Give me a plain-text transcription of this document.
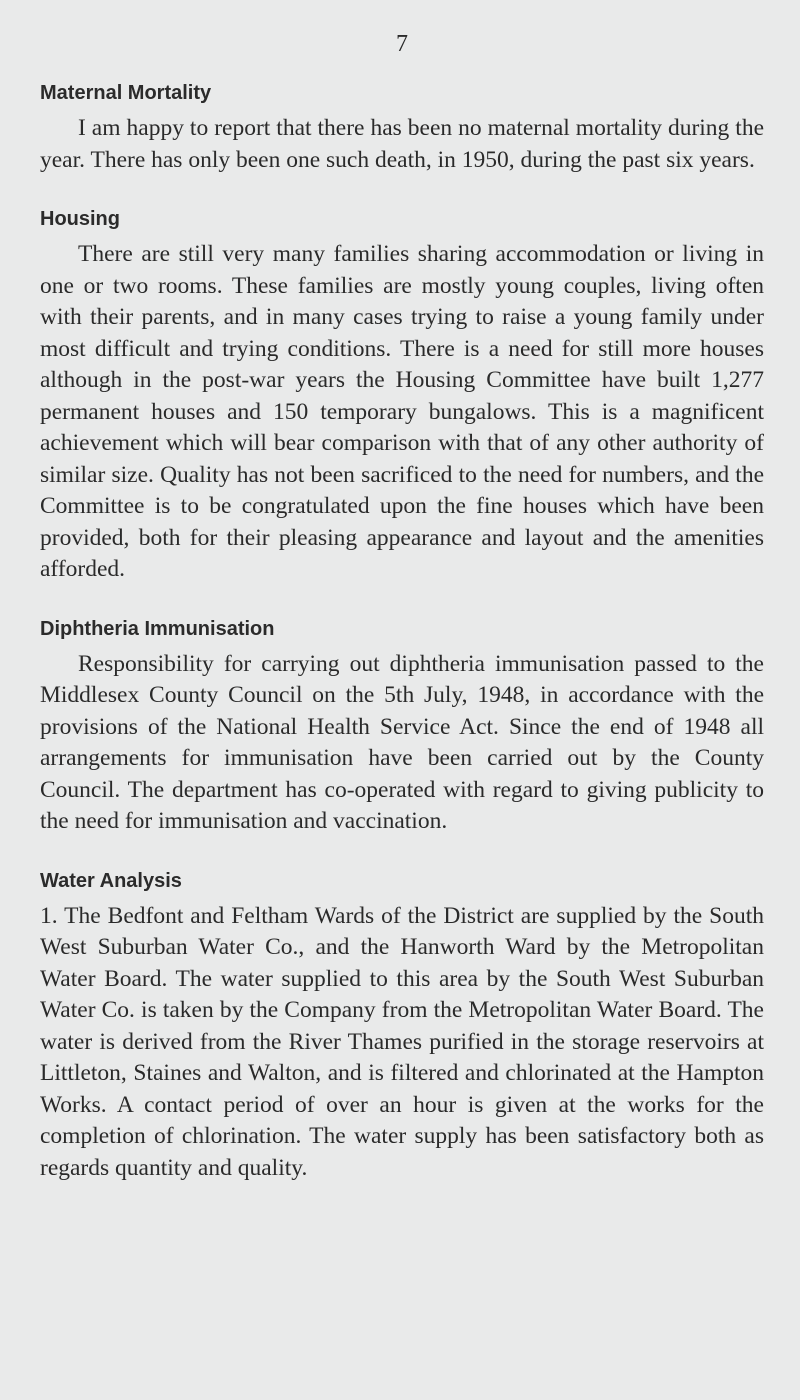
7
Maternal Mortality

I am happy to report that there has been no maternal mortality during the year. There has only been one such death, in 1950, during the past six years.

Housing

There are still very many families sharing accommodation or living in one or two rooms. These families are mostly young couples, living often with their parents, and in many cases trying to raise a young family under most difficult and trying conditions. There is a need for still more houses although in the post-war years the Housing Committee have built 1,277 permanent houses and 150 temporary bungalows. This is a magnificent achievement which will bear comparison with that of any other authority of similar size. Quality has not been sacrificed to the need for numbers, and the Committee is to be congratulated upon the fine houses which have been provided, both for their pleasing appearance and layout and the amenities afforded.

Diphtheria Immunisation

Responsibility for carrying out diphtheria immunisation passed to the Middlesex County Council on the 5th July, 1948, in accordance with the provisions of the National Health Service Act. Since the end of 1948 all arrangements for immunisation have been carried out by the County Council. The department has co-operated with regard to giving publicity to the need for immunisation and vaccination.

Water Analysis

1. The Bedfont and Feltham Wards of the District are supplied by the South West Suburban Water Co., and the Hanworth Ward by the Metropolitan Water Board. The water supplied to this area by the South West Suburban Water Co. is taken by the Company from the Metropolitan Water Board. The water is derived from the River Thames purified in the storage reservoirs at Littleton, Staines and Walton, and is filtered and chlorinated at the Hampton Works. A contact period of over an hour is given at the works for the completion of chlorination. The water supply has been satisfactory both as regards quantity and quality.
